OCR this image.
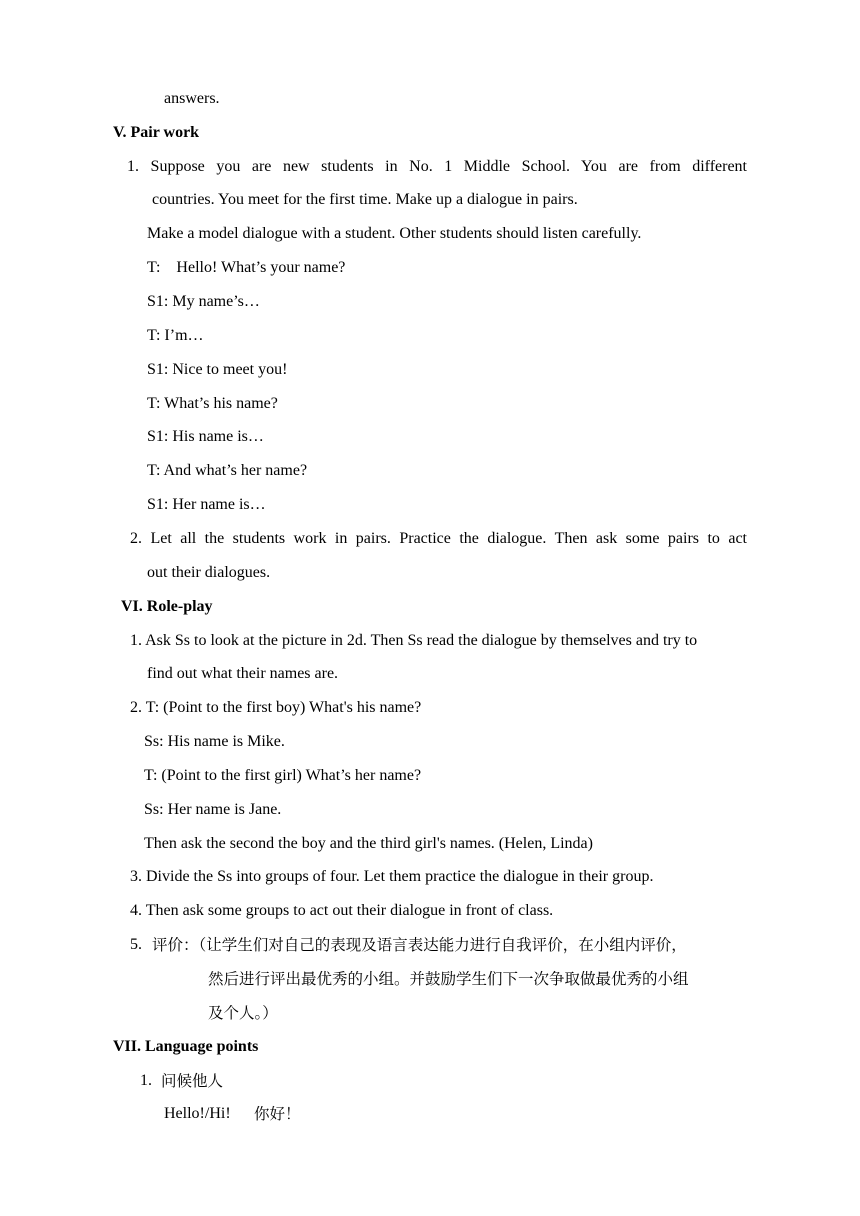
answers.
V. Pair work
1. Suppose you are new students in No. 1 Middle School. You are from different
countries. You meet for the first time. Make up a dialogue in pairs.
Make a model dialogue with a student. Other students should listen carefully.
T:    Hello! What’s your name?
S1: My name’s…
T: I’m…
S1: Nice to meet you!
T: What’s his name?
S1: His name is…
T: And what’s her name?
S1: Her name is…
2. Let all the students work in pairs. Practice the dialogue. Then ask some pairs to act
out their dialogues.
VI. Role-play
1. Ask Ss to look at the picture in 2d. Then Ss read the dialogue by themselves and try to
find out what their names are.
2. T: (Point to the first boy) What's his name?
Ss: His name is Mike.
T: (Point to the first girl) What’s her name?
Ss: Her name is Jane.
Then ask the second the boy and the third girl's names. (Helen, Linda)
3. Divide the Ss into groups of four. Let them practice the dialogue in their group.
4. Then ask some groups to act out their dialogue in front of class.
5. 评价：（让学生们对自己的表现及语言表达能力进行自我评价，在小组内评价，
然后进行评出最优秀的小组。并鼓励学生们下一次争取做最优秀的小组
及个人。）
VII. Language points
1. 问候他人
Hello!/Hi! 你好！
